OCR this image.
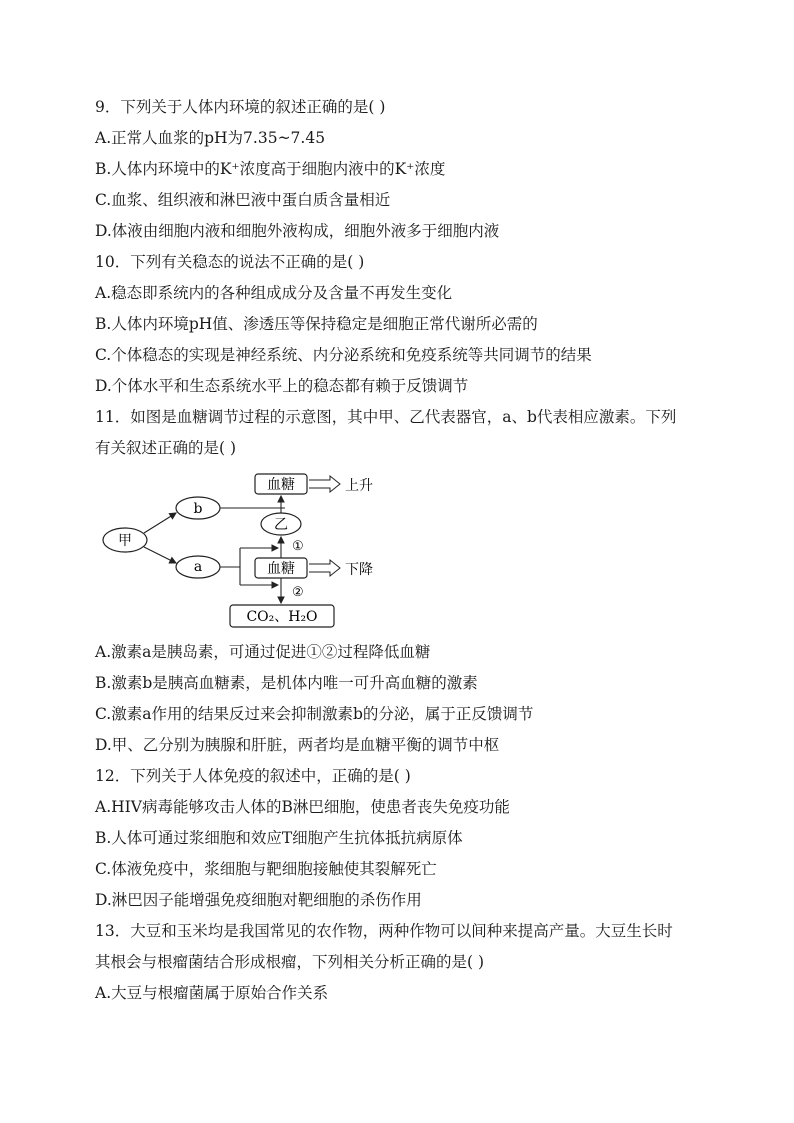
9．下列关于人体内环境的叙述正确的是( )
A.正常人血浆的pH为7.35~7.45
B.人体内环境中的K⁺浓度高于细胞内液中的K⁺浓度
C.血浆、组织液和淋巴液中蛋白质含量相近
D.体液由细胞内液和细胞外液构成，细胞外液多于细胞内液
10．下列有关稳态的说法不正确的是( )
A.稳态即系统内的各种组成成分及含量不再发生变化
B.人体内环境pH值、渗透压等保持稳定是细胞正常代谢所必需的
C.个体稳态的实现是神经系统、内分泌系统和免疫系统等共同调节的结果
D.个体水平和生态系统水平上的稳态都有赖于反馈调节
11．如图是血糖调节过程的示意图，其中甲、乙代表器官，a、b代表相应激素。下列
有关叙述正确的是( )
甲
b
a
血糖	上升
乙
①
血糖	下降
②
CO₂、H₂O
A.激素a是胰岛素，可通过促进①②过程降低血糖
B.激素b是胰高血糖素，是机体内唯一可升高血糖的激素
C.激素a作用的结果反过来会抑制激素b的分泌，属于正反馈调节
D.甲、乙分别为胰腺和肝脏，两者均是血糖平衡的调节中枢
12．下列关于人体免疫的叙述中，正确的是( )
A.HIV病毒能够攻击人体的B淋巴细胞，使患者丧失免疫功能
B.人体可通过浆细胞和效应T细胞产生抗体抵抗病原体
C.体液免疫中，浆细胞与靶细胞接触使其裂解死亡
D.淋巴因子能增强免疫细胞对靶细胞的杀伤作用
13．大豆和玉米均是我国常见的农作物，两种作物可以间种来提高产量。大豆生长时
其根会与根瘤菌结合形成根瘤，下列相关分析正确的是( )
A.大豆与根瘤菌属于原始合作关系
